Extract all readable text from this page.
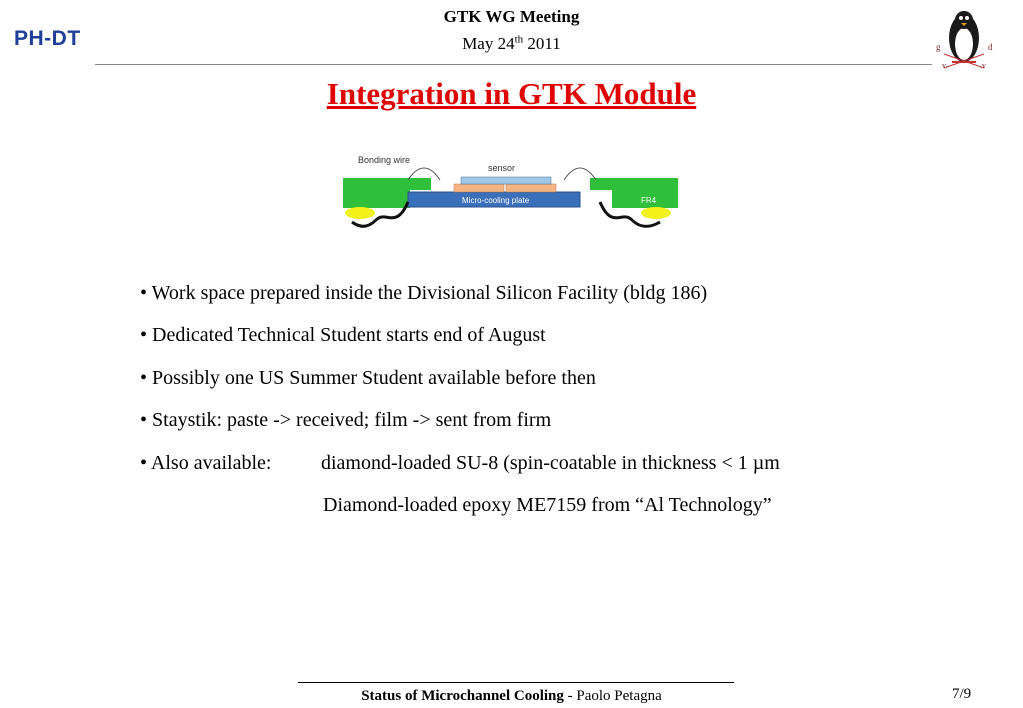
PH-DT
GTK WG Meeting
May 24th 2011	g	d
v	v
Integration in GTK Module
Bonding wire
sensor
Micro-cooling plate	FR4
• Work space prepared inside the Divisional Silicon Facility (bldg 186)
• Dedicated Technical Student starts end of August
• Possibly one US Summer Student available before then
• Staystik: paste -> received; film -> sent from firm
• Also available: diamond-loaded SU-8 (spin-coatable in thickness < 1 µm
Diamond-loaded epoxy ME7159 from “Al Technology”
Status of Microchannel Cooling - Paolo Petagna	7/9
